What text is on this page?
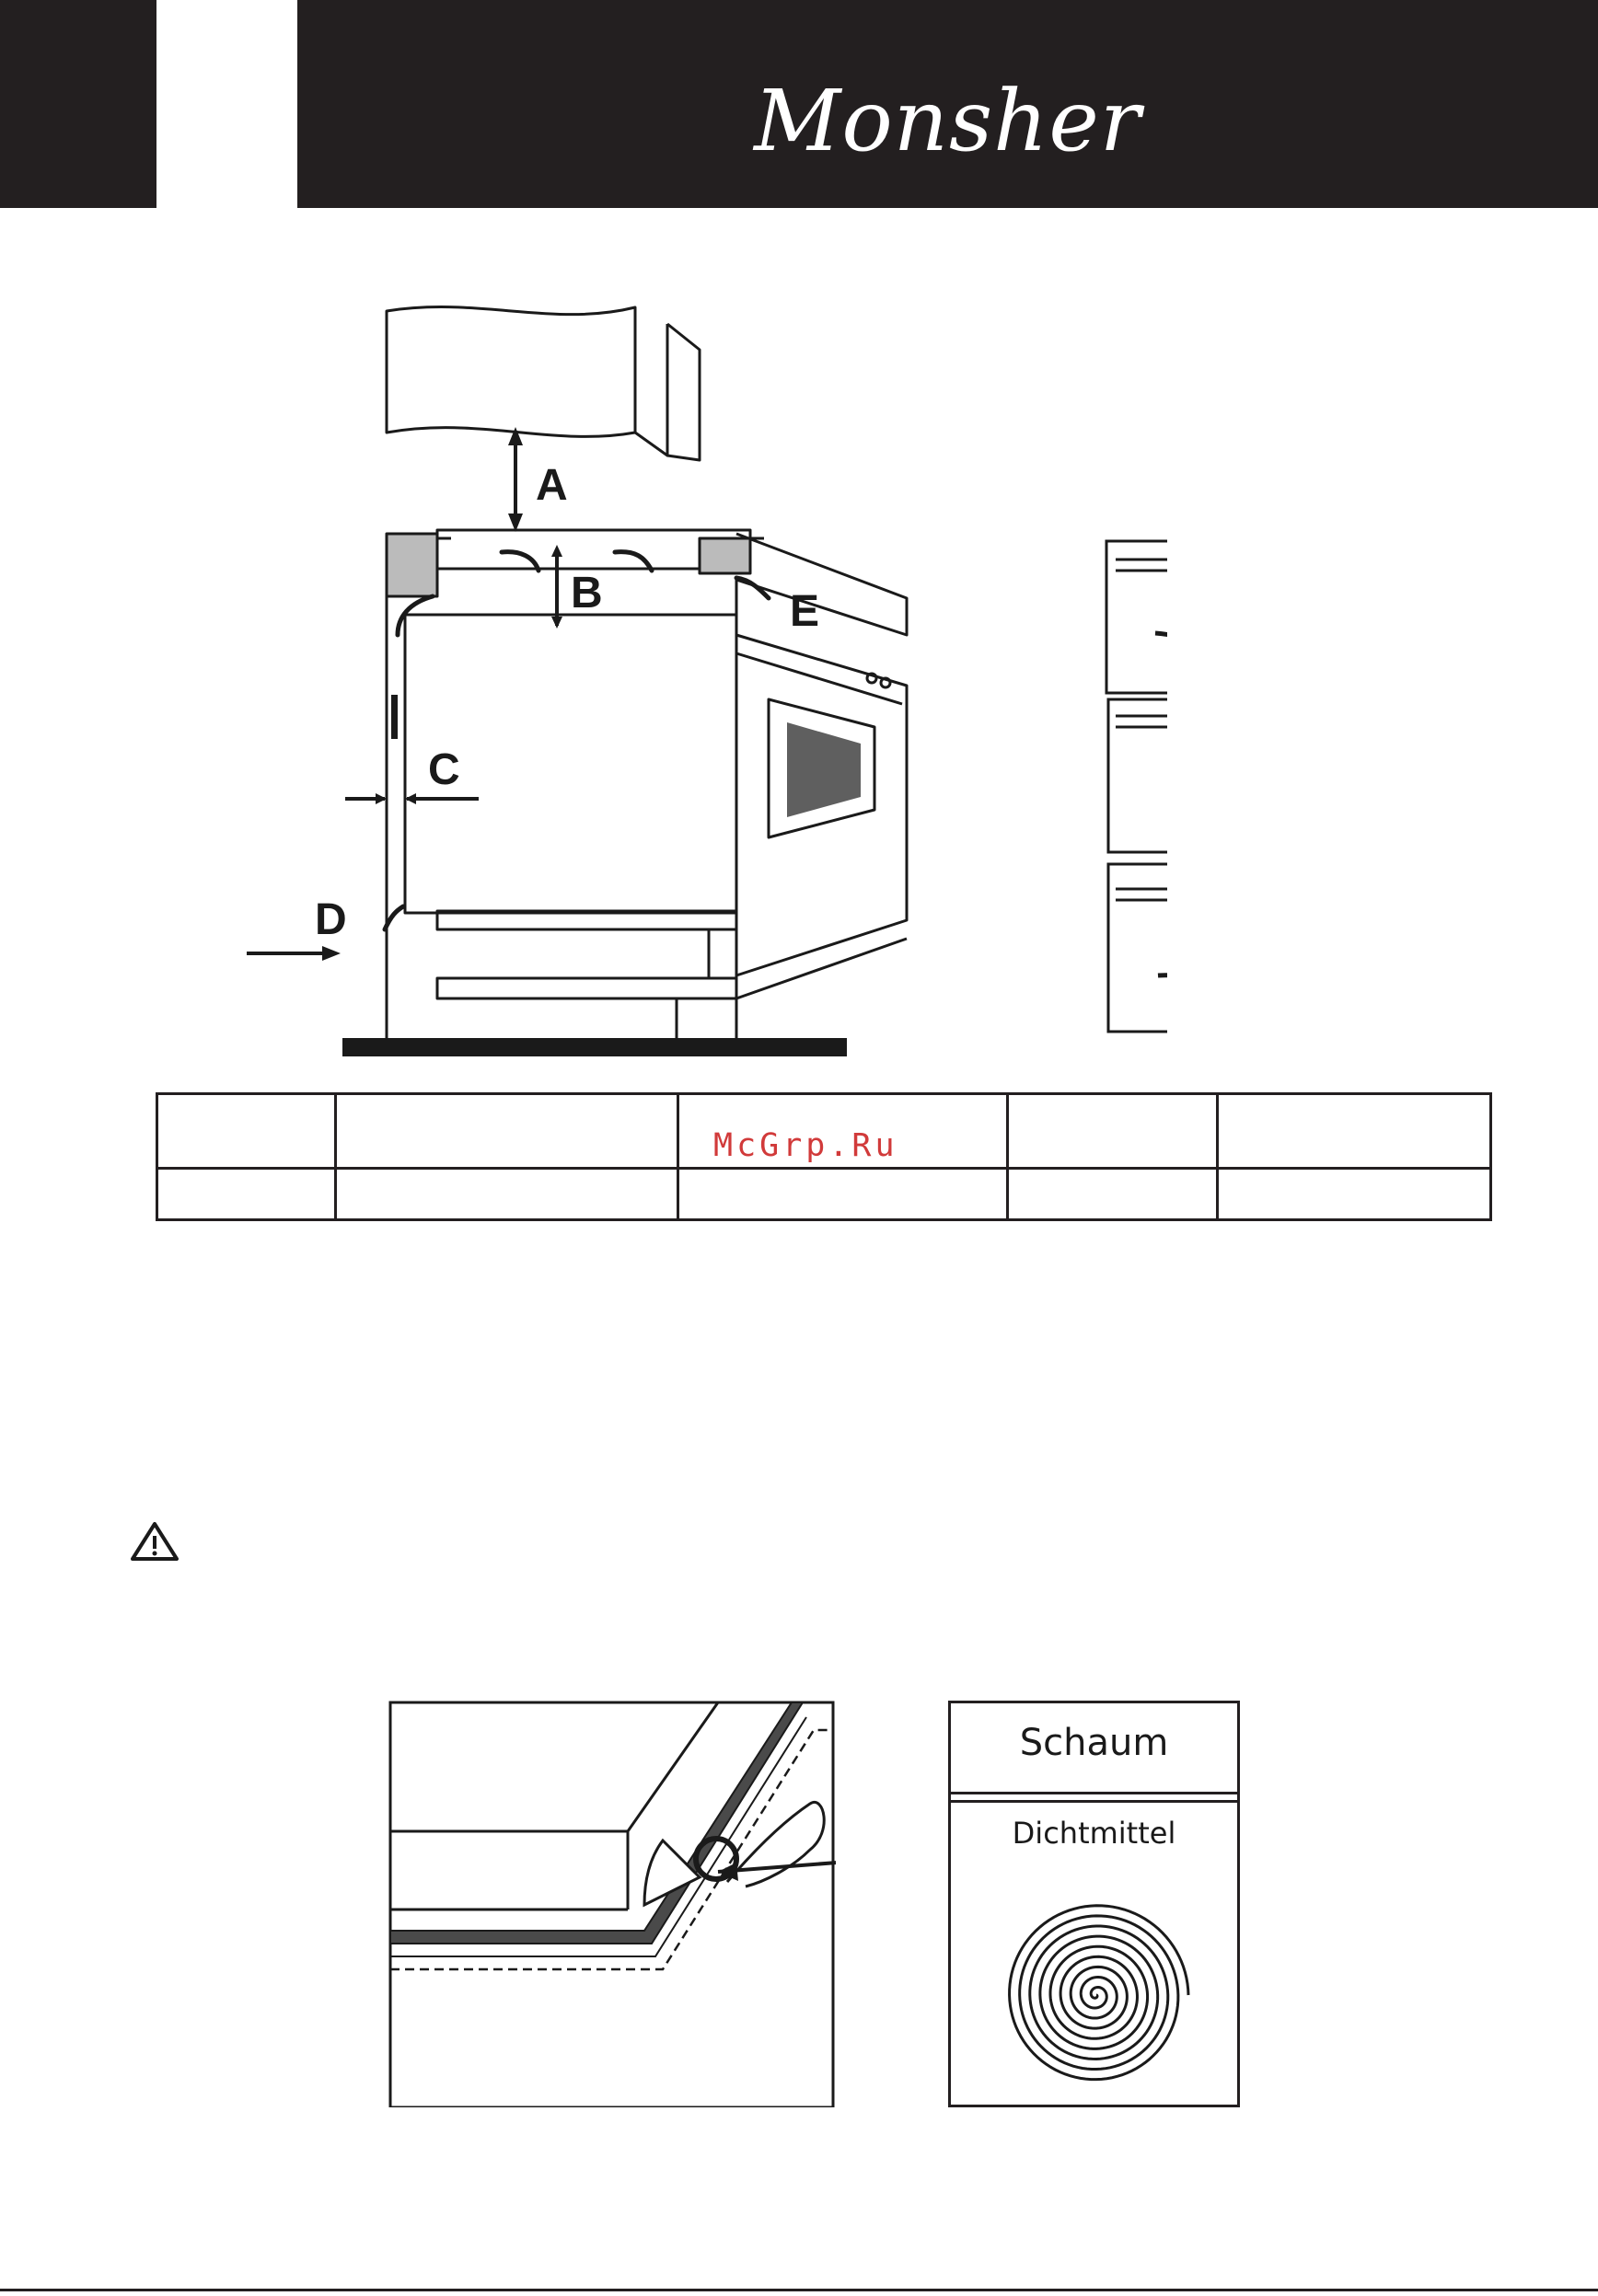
Monsher
A
B
C
D
E

McGrp.Ru
Schaum
Dichtmittel
